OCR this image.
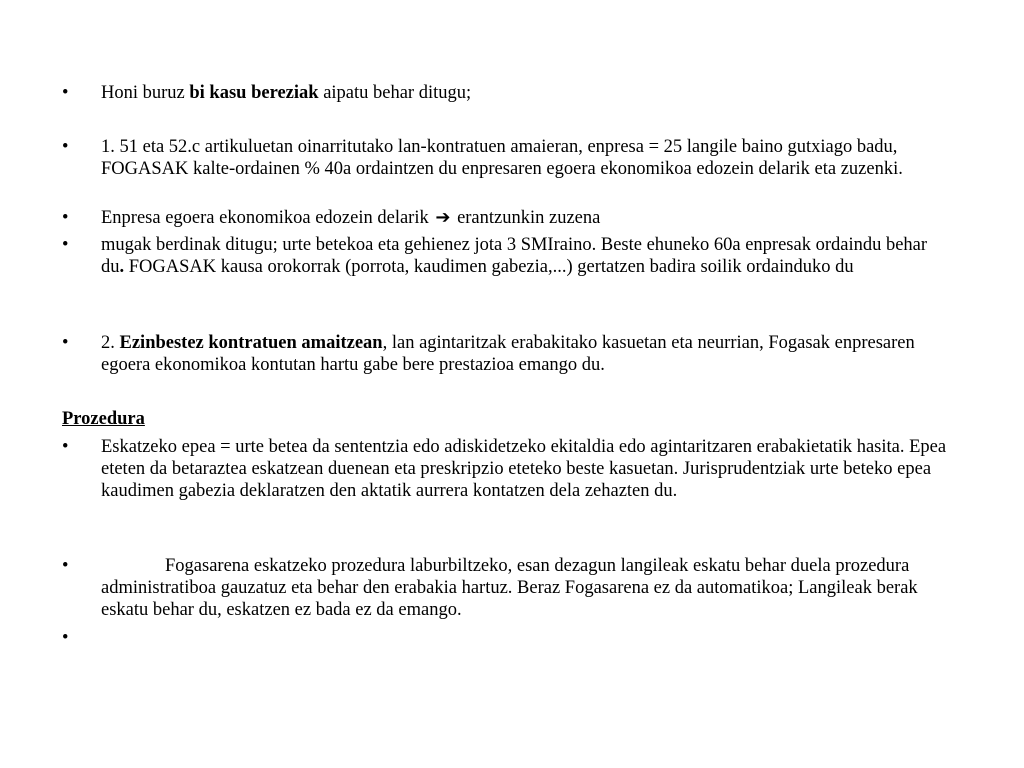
•	Honi buruz bi kasu bereziak aipatu behar ditugu;
•	1. 51 eta 52.c artikuluetan oinarritutako lan-kontratuen amaieran, enpresa = 25 langile baino gutxiago badu, FOGASAK kalte-ordainen % 40a ordaintzen du enpresaren egoera ekonomikoa edozein delarik eta zuzenki.
•	Enpresa egoera ekonomikoa edozein delarik ➔ erantzunkin zuzena
•	mugak berdinak ditugu; urte betekoa eta gehienez jota 3 SMIraino. Beste ehuneko 60a enpresak ordaindu behar du. FOGASAK kausa orokorrak (porrota, kaudimen gabezia,...) gertatzen badira soilik ordainduko du
•	2. Ezinbestez kontratuen amaitzean, lan agintaritzak erabakitako kasuetan eta neurrian, Fogasak enpresaren egoera ekonomikoa kontutan hartu gabe bere prestazioa emango du.
Prozedura
•	Eskatzeko epea = urte betea da sententzia edo adiskidetzeko ekitaldia edo agintaritzaren erabakietatik hasita. Epea eteten da betaraztea eskatzean duenean eta preskripzio eteteko beste kasuetan. Jurisprudentziak urte beteko epea kaudimen gabezia deklaratzen den aktatik aurrera kontatzen dela zehazten du.
•	Fogasarena eskatzeko prozedura laburbiltzeko, esan dezagun langileak eskatu behar duela prozedura administratiboa gauzatuz eta behar den erabakia hartuz. Beraz Fogasarena ez da automatikoa; Langileak berak eskatu behar du, eskatzen ez bada ez da emango.
•
